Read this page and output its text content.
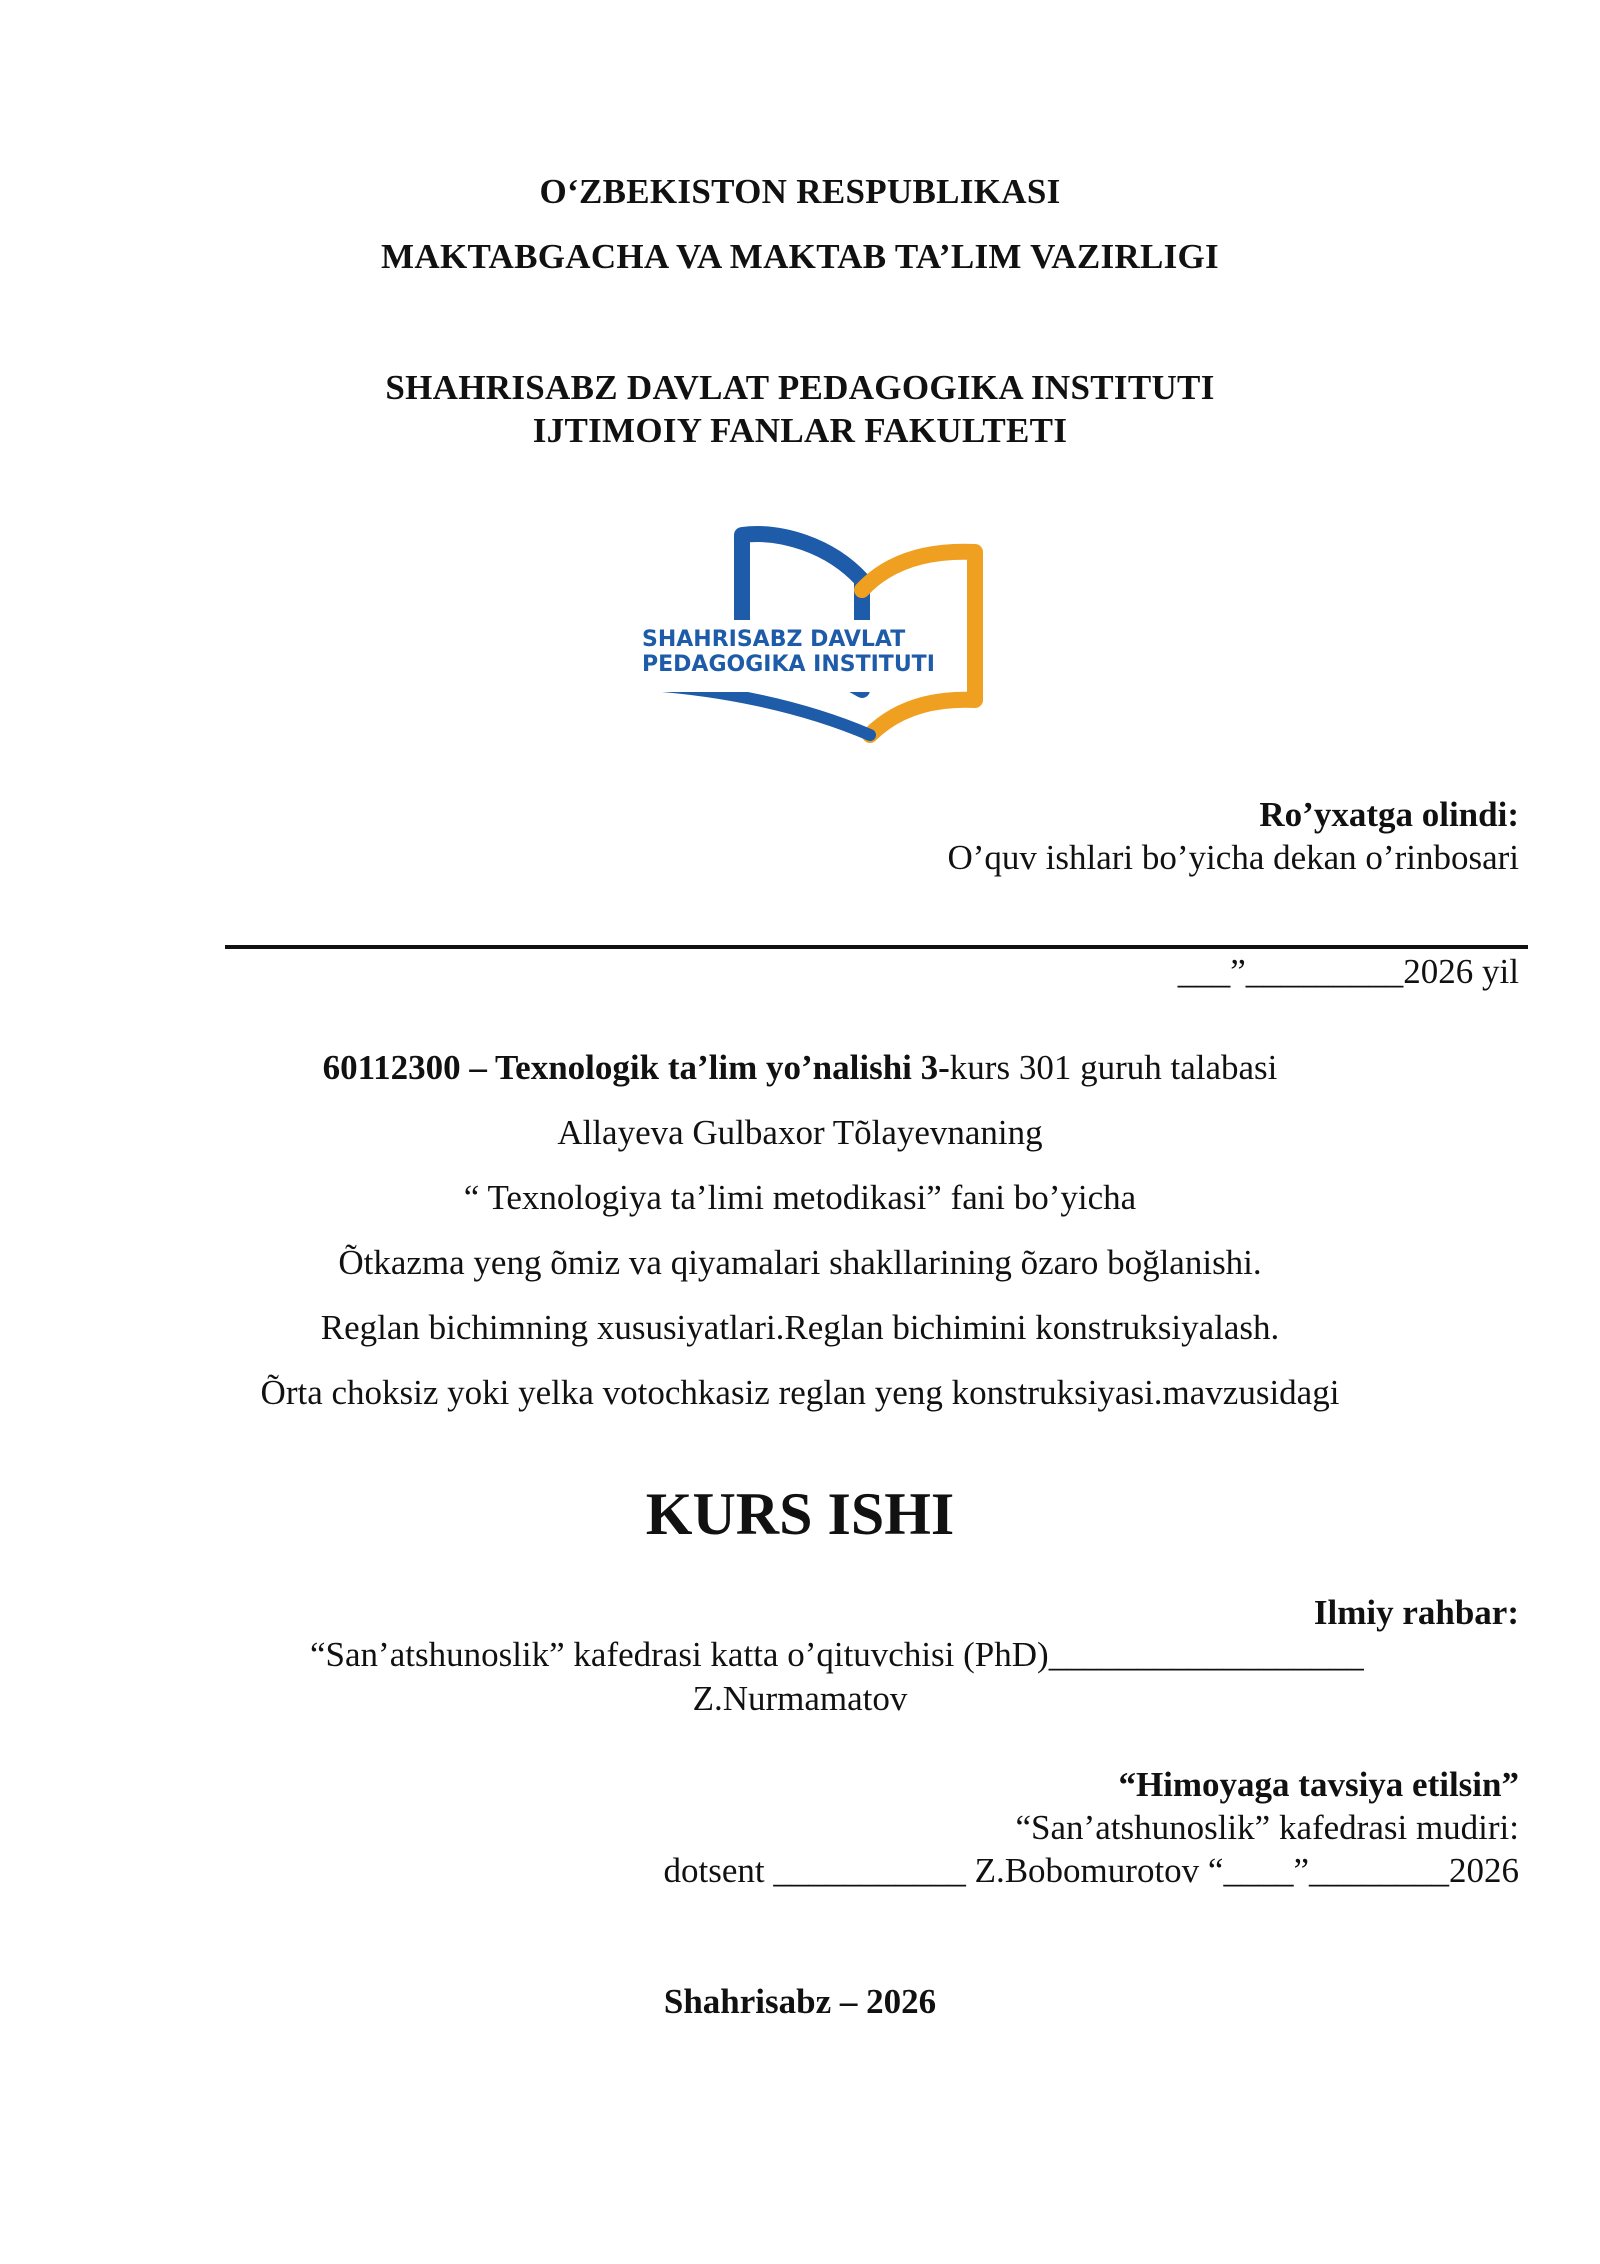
O‘ZBEKISTON RESPUBLIKASI
MAKTABGACHA VA MAKTAB TA’LIM VAZIRLIGI
SHAHRISABZ DAVLAT PEDAGOGIKA INSTITUTI
IJTIMOIY FANLAR FAKULTETI
SHAHRISABZ DAVLAT
PEDAGOGIKA INSTITUTI
Ro’yxatga olindi:
O’quv ishlari bo’yicha dekan o’rinbosari
___”_________2026 yil
60112300 – Texnologik ta’lim yo’nalishi 3-kurs 301 guruh talabasi
Allayeva Gulbaxor Tõlayevnaning
“ Texnologiya ta’limi metodikasi” fani bo’yicha
Õtkazma yeng õmiz va qiyamalari shakllarining õzaro boğlanishi.
Reglan bichimning xususiyatlari.Reglan bichimini konstruksiyalash.
Õrta choksiz yoki yelka votochkasiz reglan yeng konstruksiyasi.mavzusidagi
KURS ISHI
Ilmiy rahbar:
“San’atshunoslik” kafedrasi katta o’qituvchisi (PhD)__________________
Z.Nurmamatov
“Himoyaga tavsiya etilsin”
“San’atshunoslik” kafedrasi mudiri:
dotsent ___________ Z.Bobomurotov “____”________2026
Shahrisabz – 2026
